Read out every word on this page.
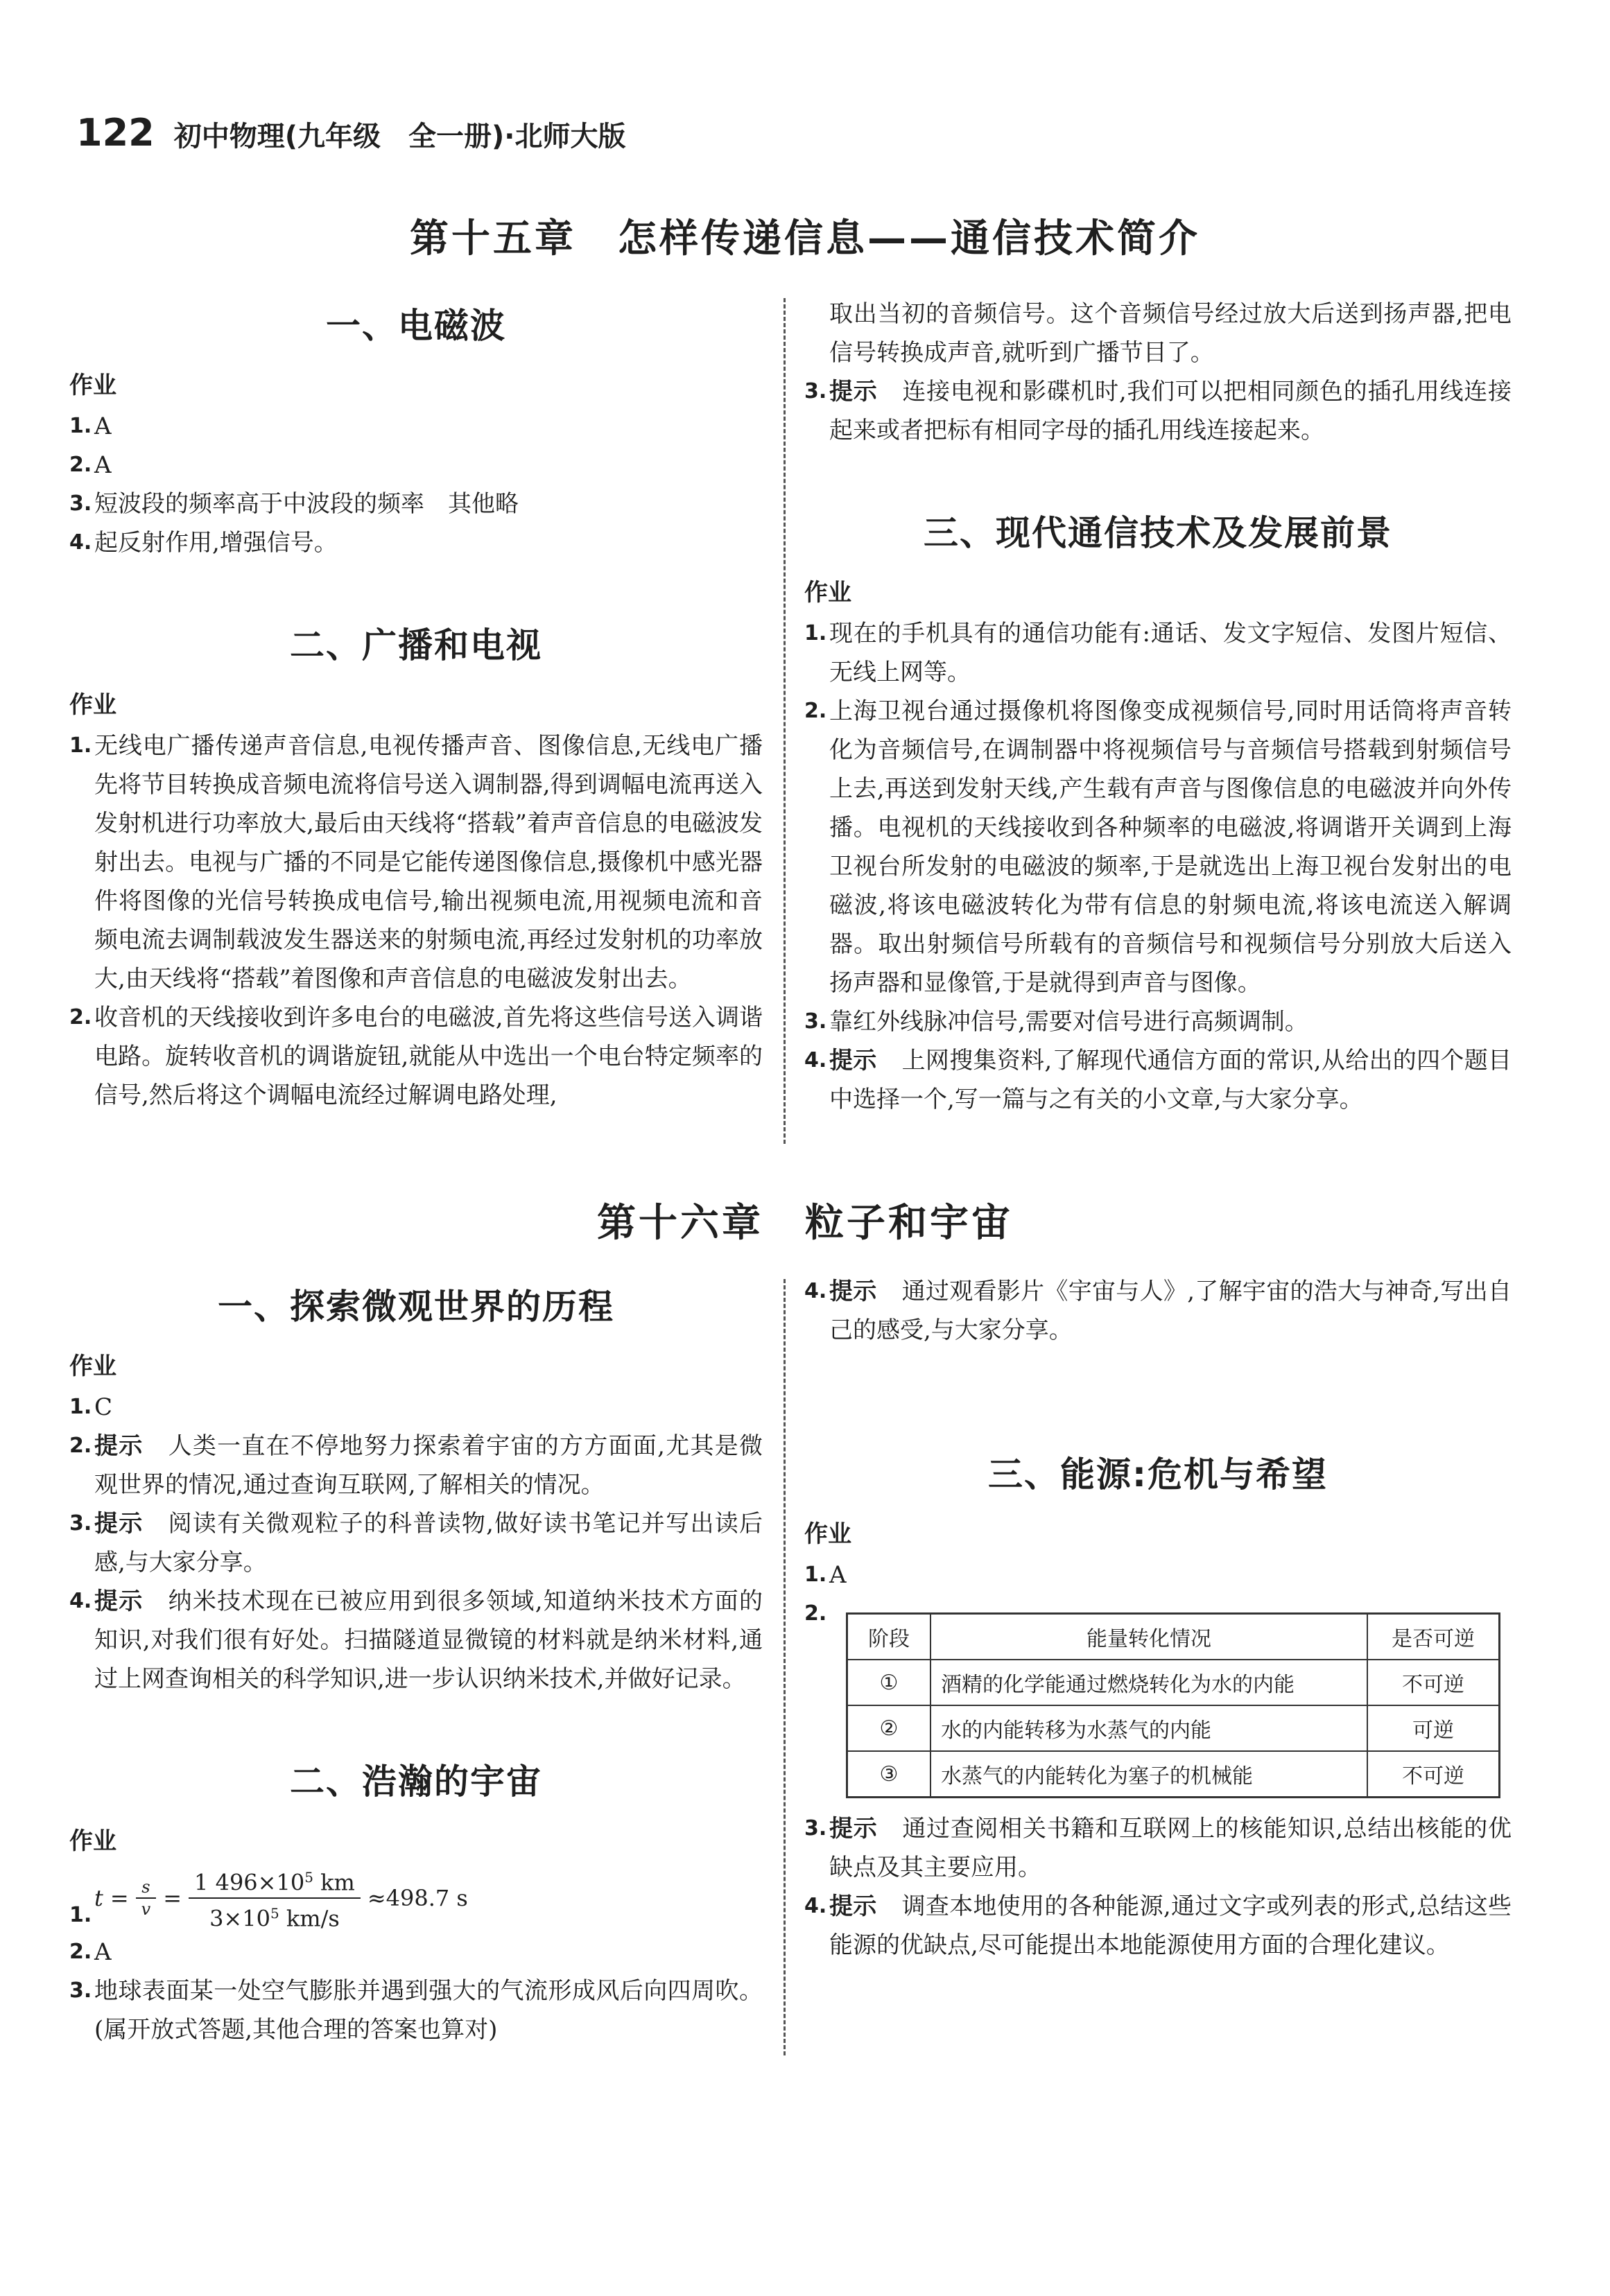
122 初中物理(九年级　全一册)·北师大版
第十五章　怎样传递信息——通信技术简介
一、电磁波
作业

1. A

2. A

3. 短波段的频率高于中波段的频率　其他略

4. 起反射作用,增强信号。

二、广播和电视
作业

1. 无线电广播传递声音信息,电视传播声音、图像信息,无线电广播先将节目转换成音频电流将信号送入调制器,得到调幅电流再送入发射机进行功率放大,最后由天线将“搭载”着声音信息的电磁波发射出去。电视与广播的不同是它能传递图像信息,摄像机中感光器件将图像的光信号转换成电信号,输出视频电流,用视频电流和音频电流去调制载波发生器送来的射频电流,再经过发射机的功率放大,由天线将“搭载”着图像和声音信息的电磁波发射出去。

2. 收音机的天线接收到许多电台的电磁波,首先将这些信号送入调谐电路。旋转收音机的调谐旋钮,就能从中选出一个电台特定频率的信号,然后将这个调幅电流经过解调电路处理,

取出当初的音频信号。这个音频信号经过放大后送到扬声器,把电信号转换成声音,就听到广播节目了。

3. 提示 连接电视和影碟机时,我们可以把相同颜色的插孔用线连接起来或者把标有相同字母的插孔用线连接起来。

三、现代通信技术及发展前景
作业

1. 现在的手机具有的通信功能有:通话、发文字短信、发图片短信、无线上网等。

2. 上海卫视台通过摄像机将图像变成视频信号,同时用话筒将声音转化为音频信号,在调制器中将视频信号与音频信号搭载到射频信号上去,再送到发射天线,产生载有声音与图像信息的电磁波并向外传播。电视机的天线接收到各种频率的电磁波,将调谐开关调到上海卫视台所发射的电磁波的频率,于是就选出上海卫视台发射出的电磁波,将该电磁波转化为带有信息的射频电流,将该电流送入解调器。取出射频信号所载有的音频信号和视频信号分别放大后送入扬声器和显像管,于是就得到声音与图像。

3. 靠红外线脉冲信号,需要对信号进行高频调制。

4. 提示 上网搜集资料,了解现代通信方面的常识,从给出的四个题目中选择一个,写一篇与之有关的小文章,与大家分享。

第十六章　粒子和宇宙
一、探索微观世界的历程
作业

1. C

2. 提示 人类一直在不停地努力探索着宇宙的方方面面,尤其是微观世界的情况,通过查询互联网,了解相关的情况。

3. 提示 阅读有关微观粒子的科普读物,做好读书笔记并写出读后感,与大家分享。

4. 提示 纳米技术现在已被应用到很多领域,知道纳米技术方面的知识,对我们很有好处。扫描隧道显微镜的材料就是纳米材料,通过上网查询相关的科学知识,进一步认识纳米技术,并做好记录。

二、浩瀚的宇宙
作业

1.
$t = \frac{s}{v} = \frac{1 496\times 10^5 km}{3\times 10^5 km/s} \approx 498.7$ s

2. A

3. 地球表面某一处空气膨胀并遇到强大的气流形成风后向四周吹。(属开放式答题,其他合理的答案也算对)

4. 提示 通过观看影片《宇宙与人》,了解宇宙的浩大与神奇,写出自己的感受,与大家分享。

三、能源:危机与希望
作业

1. A

2.

阶段	能量转化情况	是否可逆
①	酒精的化学能通过燃烧转化为水的内能	不可逆
②	水的内能转移为水蒸气的内能	可逆
③	水蒸气的内能转化为塞子的机械能	不可逆

3. 提示 通过查阅相关书籍和互联网上的核能知识,总结出核能的优缺点及其主要应用。

4. 提示 调查本地使用的各种能源,通过文字或列表的形式,总结这些能源的优缺点,尽可能提出本地能源使用方面的合理化建议。
